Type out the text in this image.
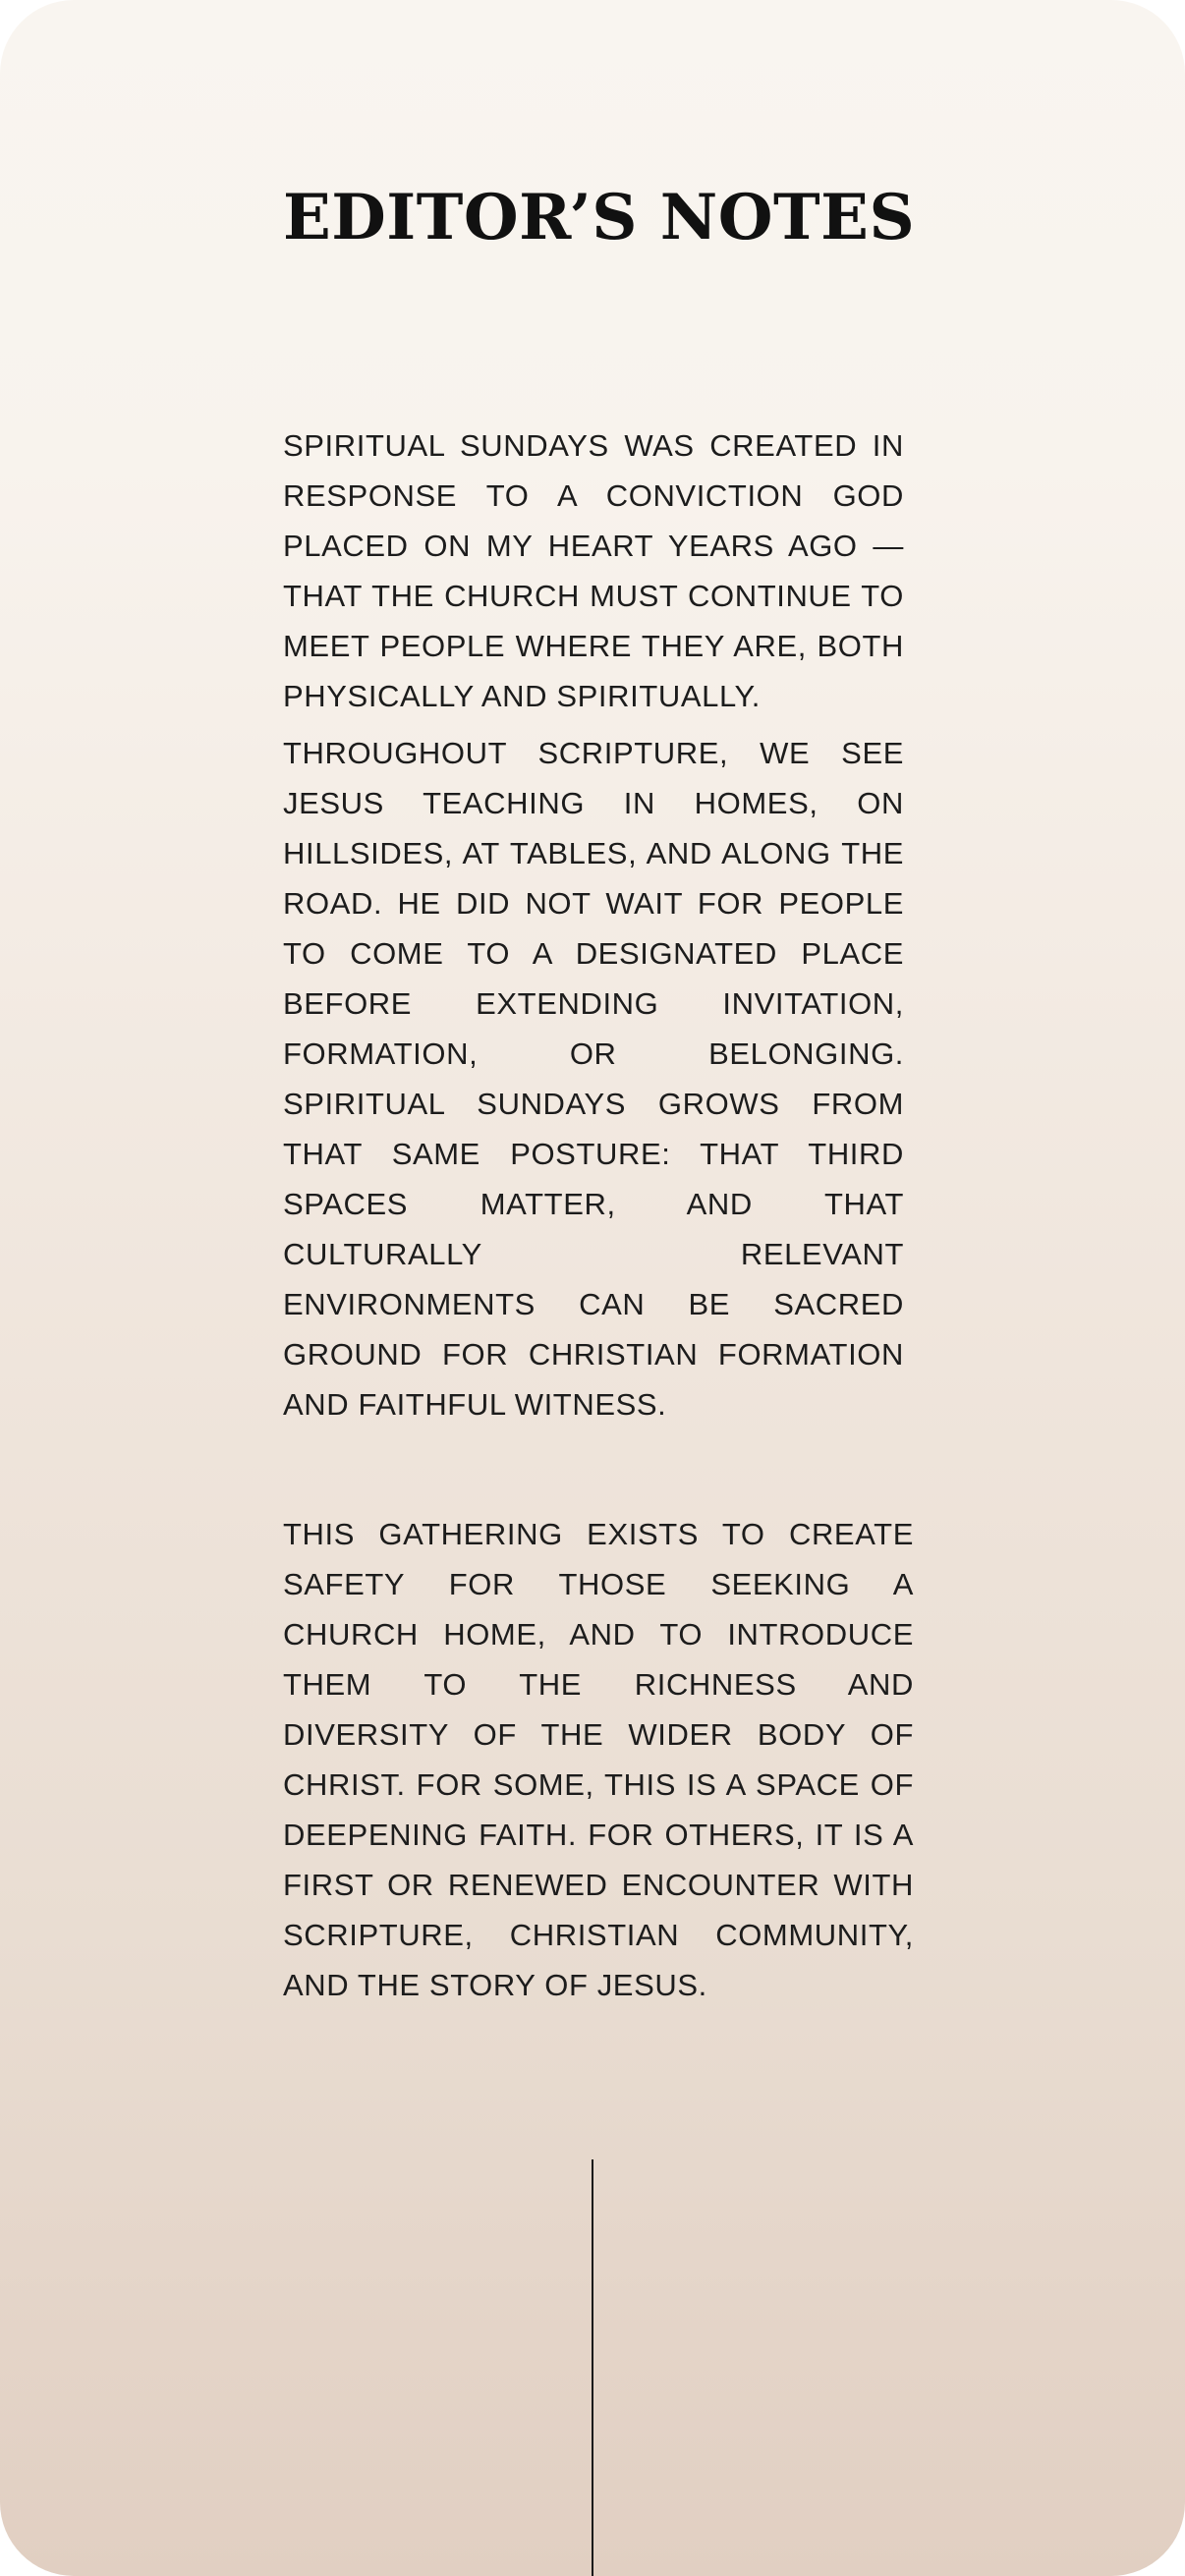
EDITOR’S NOTES

SPIRITUAL SUNDAYS WAS CREATED IN RESPONSE TO A CONVICTION GOD PLACED ON MY HEART YEARS AGO — THAT THE CHURCH MUST CONTINUE TO MEET PEOPLE WHERE THEY ARE, BOTH PHYSICALLY AND SPIRITUALLY.

THROUGHOUT SCRIPTURE, WE SEE JESUS TEACHING IN HOMES, ON HILLSIDES, AT TABLES, AND ALONG THE ROAD. HE DID NOT WAIT FOR PEOPLE TO COME TO A DESIGNATED PLACE BEFORE EXTENDING INVITATION, FORMATION, OR BELONGING. SPIRITUAL SUNDAYS GROWS FROM THAT SAME POSTURE: THAT THIRD SPACES MATTER, AND THAT CULTURALLY RELEVANT ENVIRONMENTS CAN BE SACRED GROUND FOR CHRISTIAN FORMATION AND FAITHFUL WITNESS.

THIS GATHERING EXISTS TO CREATE SAFETY FOR THOSE SEEKING A CHURCH HOME, AND TO INTRODUCE THEM TO THE RICHNESS AND DIVERSITY OF THE WIDER BODY OF CHRIST. FOR SOME, THIS IS A SPACE OF DEEPENING FAITH. FOR OTHERS, IT IS A FIRST OR RENEWED ENCOUNTER WITH SCRIPTURE, CHRISTIAN COMMUNITY, AND THE STORY OF JESUS.
